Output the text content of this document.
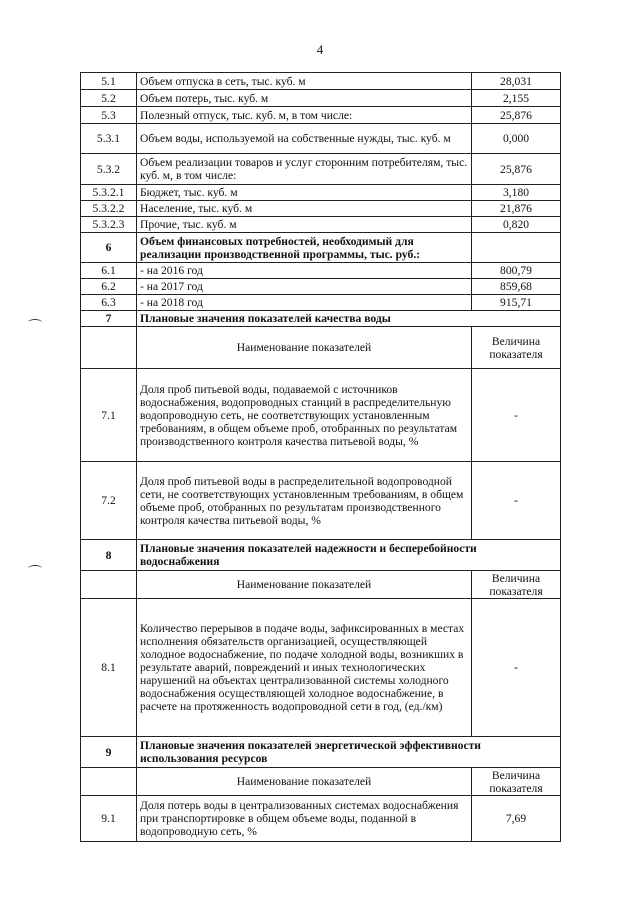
4
5.1	Объем отпуска в сеть, тыс. куб. м	28,031
5.2	Объем потерь, тыс. куб. м	2,155
5.3	Полезный отпуск, тыс. куб. м, в том числе:	25,876
5.3.1	Объем воды, используемой на собственные нужды, тыс. куб. м	0,000
5.3.2	Объем реализации товаров и услуг сторонним потребителям, тыс. куб. м, в том числе:	25,876
5.3.2.1	Бюджет, тыс. куб. м	3,180
5.3.2.2	Население, тыс. куб. м	21,876
5.3.2.3	Прочие, тыс. куб. м	0,820
6	Объем финансовых потребностей, необходимый для реализации производственной программы, тыс. руб.:	
6.1	- на 2016 год	800,79
6.2	- на 2017 год	859,68
6.3	- на 2018 год	915,71
7	Плановые значения показателей качества воды	
	Наименование показателей	Величина показателя
7.1	Доля проб питьевой воды, подаваемой с источников водоснабжения, водопроводных станций в распределительную водопроводную сеть, не соответствующих установленным требованиям, в общем объеме проб, отобранных по результатам производственного контроля качества питьевой воды, %	-
7.2	Доля проб питьевой воды в распределительной водопроводной сети, не соответствующих установленным требованиям, в общем объеме проб, отобранных по результатам производственного контроля качества питьевой воды, %	-
8	Плановые значения показателей надежности и бесперебойности водоснабжения	
	Наименование показателей	Величина показателя
8.1	Количество перерывов в подаче воды, зафиксированных в местах исполнения обязательств организацией, осуществляющей холодное водоснабжение, по подаче холодной воды, возникших в результате аварий, повреждений и иных технологических нарушений на объектах централизованной системы холодного водоснабжения осуществляющей холодное водоснабжение, в расчете на протяженность водопроводной сети в год, (ед./км)	-
9	Плановые значения показателей энергетической эффективности использования ресурсов	
	Наименование показателей	Величина показателя
9.1	Доля потерь воды в централизованных системах водоснабжения при транспортировке в общем объеме воды, поданной в водопроводную сеть, %	7,69
